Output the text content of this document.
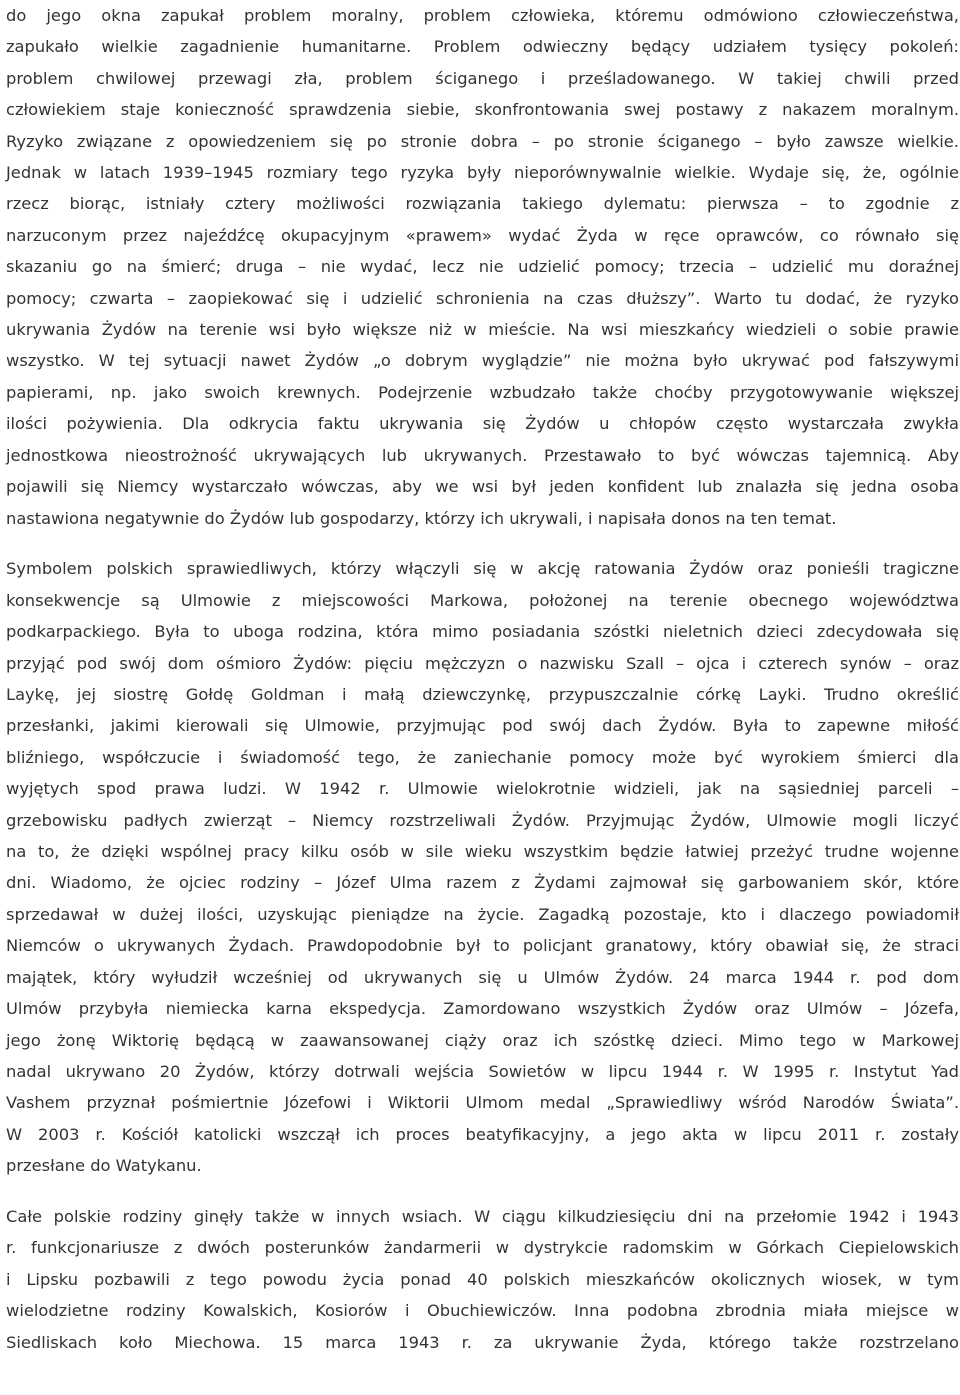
do jego okna zapukał problem moralny, problem człowieka, któremu odmówiono człowieczeństwa,
zapukało wielkie zagadnienie humanitarne. Problem odwieczny będący udziałem tysięcy pokoleń:
problem chwilowej przewagi zła, problem ściganego i prześladowanego. W takiej chwili przed
człowiekiem staje konieczność sprawdzenia siebie, skonfrontowania swej postawy z nakazem moralnym.
Ryzyko związane z opowiedzeniem się po stronie dobra – po stronie ściganego – było zawsze wielkie.
Jednak w latach 1939–1945 rozmiary tego ryzyka były nieporównywalnie wielkie. Wydaje się, że, ogólnie
rzecz biorąc, istniały cztery możliwości rozwiązania takiego dylematu: pierwsza – to zgodnie z
narzuconym przez najeźdźcę okupacyjnym «prawem» wydać Żyda w ręce oprawców, co równało się
skazaniu go na śmierć; druga – nie wydać, lecz nie udzielić pomocy; trzecia – udzielić mu doraźnej
pomocy; czwarta – zaopiekować się i udzielić schronienia na czas dłuższy”. Warto tu dodać, że ryzyko
ukrywania Żydów na terenie wsi było większe niż w mieście. Na wsi mieszkańcy wiedzieli o sobie prawie
wszystko. W tej sytuacji nawet Żydów „o dobrym wyglądzie” nie można było ukrywać pod fałszywymi
papierami, np. jako swoich krewnych. Podejrzenie wzbudzało także choćby przygotowywanie większej
ilości pożywienia. Dla odkrycia faktu ukrywania się Żydów u chłopów często wystarczała zwykła
jednostkowa nieostrożność ukrywających lub ukrywanych. Przestawało to być wówczas tajemnicą. Aby
pojawili się Niemcy wystarczało wówczas, aby we wsi był jeden konfident lub znalazła się jedna osoba
nastawiona negatywnie do Żydów lub gospodarzy, którzy ich ukrywali, i napisała donos na ten temat.

Symbolem polskich sprawiedliwych, którzy włączyli się w akcję ratowania Żydów oraz ponieśli tragiczne
konsekwencje są Ulmowie z miejscowości Markowa, położonej na terenie obecnego województwa
podkarpackiego. Była to uboga rodzina, która mimo posiadania szóstki nieletnich dzieci zdecydowała się
przyjąć pod swój dom ośmioro Żydów: pięciu mężczyzn o nazwisku Szall – ojca i czterech synów – oraz
Laykę, jej siostrę Gołdę Goldman i małą dziewczynkę, przypuszczalnie córkę Layki. Trudno określić
przesłanki, jakimi kierowali się Ulmowie, przyjmując pod swój dach Żydów. Była to zapewne miłość
bliźniego, współczucie i świadomość tego, że zaniechanie pomocy może być wyrokiem śmierci dla
wyjętych spod prawa ludzi. W 1942 r. Ulmowie wielokrotnie widzieli, jak na sąsiedniej parceli –
grzebowisku padłych zwierząt – Niemcy rozstrzeliwali Żydów. Przyjmując Żydów, Ulmowie mogli liczyć
na to, że dzięki wspólnej pracy kilku osób w sile wieku wszystkim będzie łatwiej przeżyć trudne wojenne
dni. Wiadomo, że ojciec rodziny – Józef Ulma razem z Żydami zajmował się garbowaniem skór, które
sprzedawał w dużej ilości, uzyskując pieniądze na życie. Zagadką pozostaje, kto i dlaczego powiadomił
Niemców o ukrywanych Żydach. Prawdopodobnie był to policjant granatowy, który obawiał się, że straci
majątek, który wyłudził wcześniej od ukrywanych się u Ulmów Żydów. 24 marca 1944 r. pod dom
Ulmów przybyła niemiecka karna ekspedycja. Zamordowano wszystkich Żydów oraz Ulmów – Józefa,
jego żonę Wiktorię będącą w zaawansowanej ciąży oraz ich szóstkę dzieci. Mimo tego w Markowej
nadal ukrywano 20 Żydów, którzy dotrwali wejścia Sowietów w lipcu 1944 r. W 1995 r. Instytut Yad
Vashem przyznał pośmiertnie Józefowi i Wiktorii Ulmom medal „Sprawiedliwy wśród Narodów Świata”.
W 2003 r. Kościół katolicki wszczął ich proces beatyfikacyjny, a jego akta w lipcu 2011 r. zostały
przesłane do Watykanu.

Całe polskie rodziny ginęły także w innych wsiach. W ciągu kilkudziesięciu dni na przełomie 1942 i 1943
r. funkcjonariusze z dwóch posterunków żandarmerii w dystrykcie radomskim w Górkach Ciepielowskich
i Lipsku pozbawili z tego powodu życia ponad 40 polskich mieszkańców okolicznych wiosek, w tym
wielodzietne rodziny Kowalskich, Kosiorów i Obuchiewiczów. Inna podobna zbrodnia miała miejsce w
Siedliskach koło Miechowa. 15 marca 1943 r. za ukrywanie Żyda, którego także rozstrzelano
